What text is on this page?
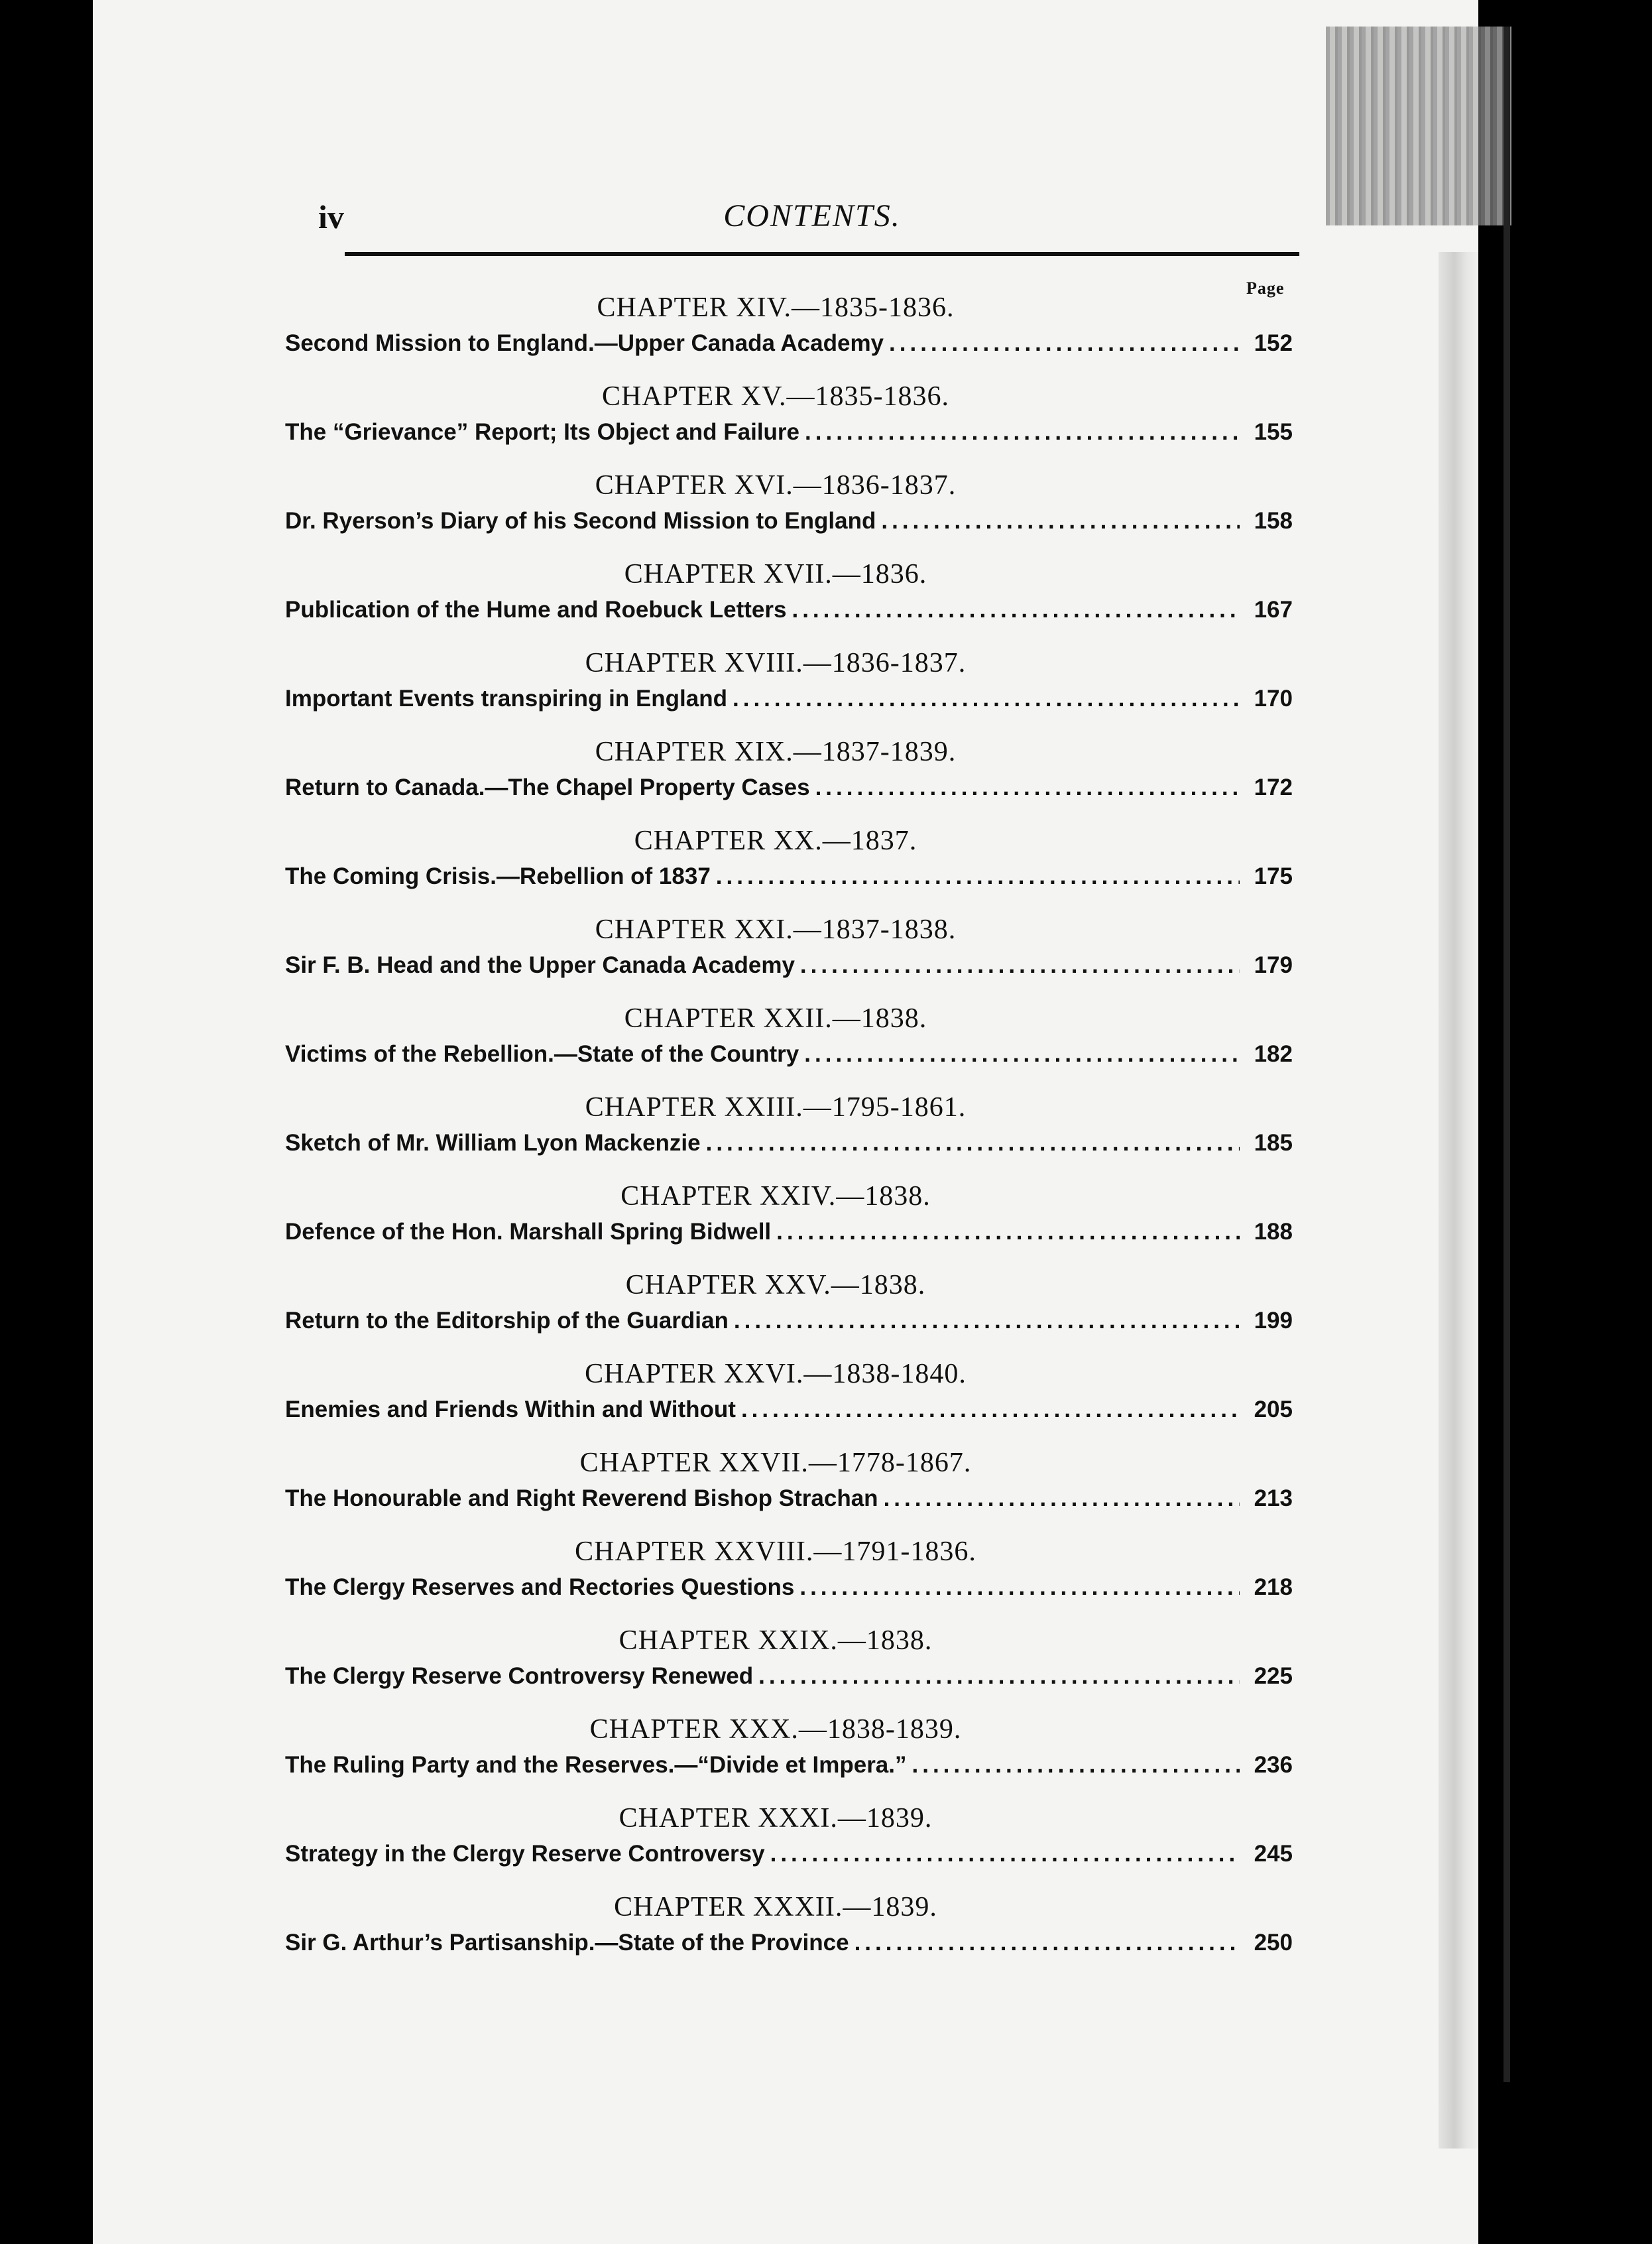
iv	CONTENTS.
Page
CHAPTER XIV.—1835-1836.
Second Mission to England.—Upper Canada Academy .....	152
CHAPTER XV.—1835-1836.
The “Grievance” Report; Its Object and Failure .....	155
CHAPTER XVI.—1836-1837.
Dr. Ryerson’s Diary of his Second Mission to England .....	158
CHAPTER XVII.—1836.
Publication of the Hume and Roebuck Letters .....	167
CHAPTER XVIII.—1836-1837.
Important Events transpiring in England .....	170
CHAPTER XIX.—1837-1839.
Return to Canada.—The Chapel Property Cases .....	172
CHAPTER XX.—1837.
The Coming Crisis.—Rebellion of 1837 .....	175
CHAPTER XXI.—1837-1838.
Sir F. B. Head and the Upper Canada Academy .....	179
CHAPTER XXII.—1838.
Victims of the Rebellion.—State of the Country .....	182
CHAPTER XXIII.—1795-1861.
Sketch of Mr. William Lyon Mackenzie .....	185
CHAPTER XXIV.—1838.
Defence of the Hon. Marshall Spring Bidwell .....	188
CHAPTER XXV.—1838.
Return to the Editorship of the Guardian .....	199
CHAPTER XXVI.—1838-1840.
Enemies and Friends Within and Without .....	205
CHAPTER XXVII.—1778-1867.
The Honourable and Right Reverend Bishop Strachan .....	213
CHAPTER XXVIII.—1791-1836.
The Clergy Reserves and Rectories Questions .....	218
CHAPTER XXIX.—1838.
The Clergy Reserve Controversy Renewed .....	225
CHAPTER XXX.—1838-1839.
The Ruling Party and the Reserves.—“Divide et Impera.” .....	236
CHAPTER XXXI.—1839.
Strategy in the Clergy Reserve Controversy .....	245
CHAPTER XXXII.—1839.
Sir G. Arthur’s Partisanship.—State of the Province .....	250
